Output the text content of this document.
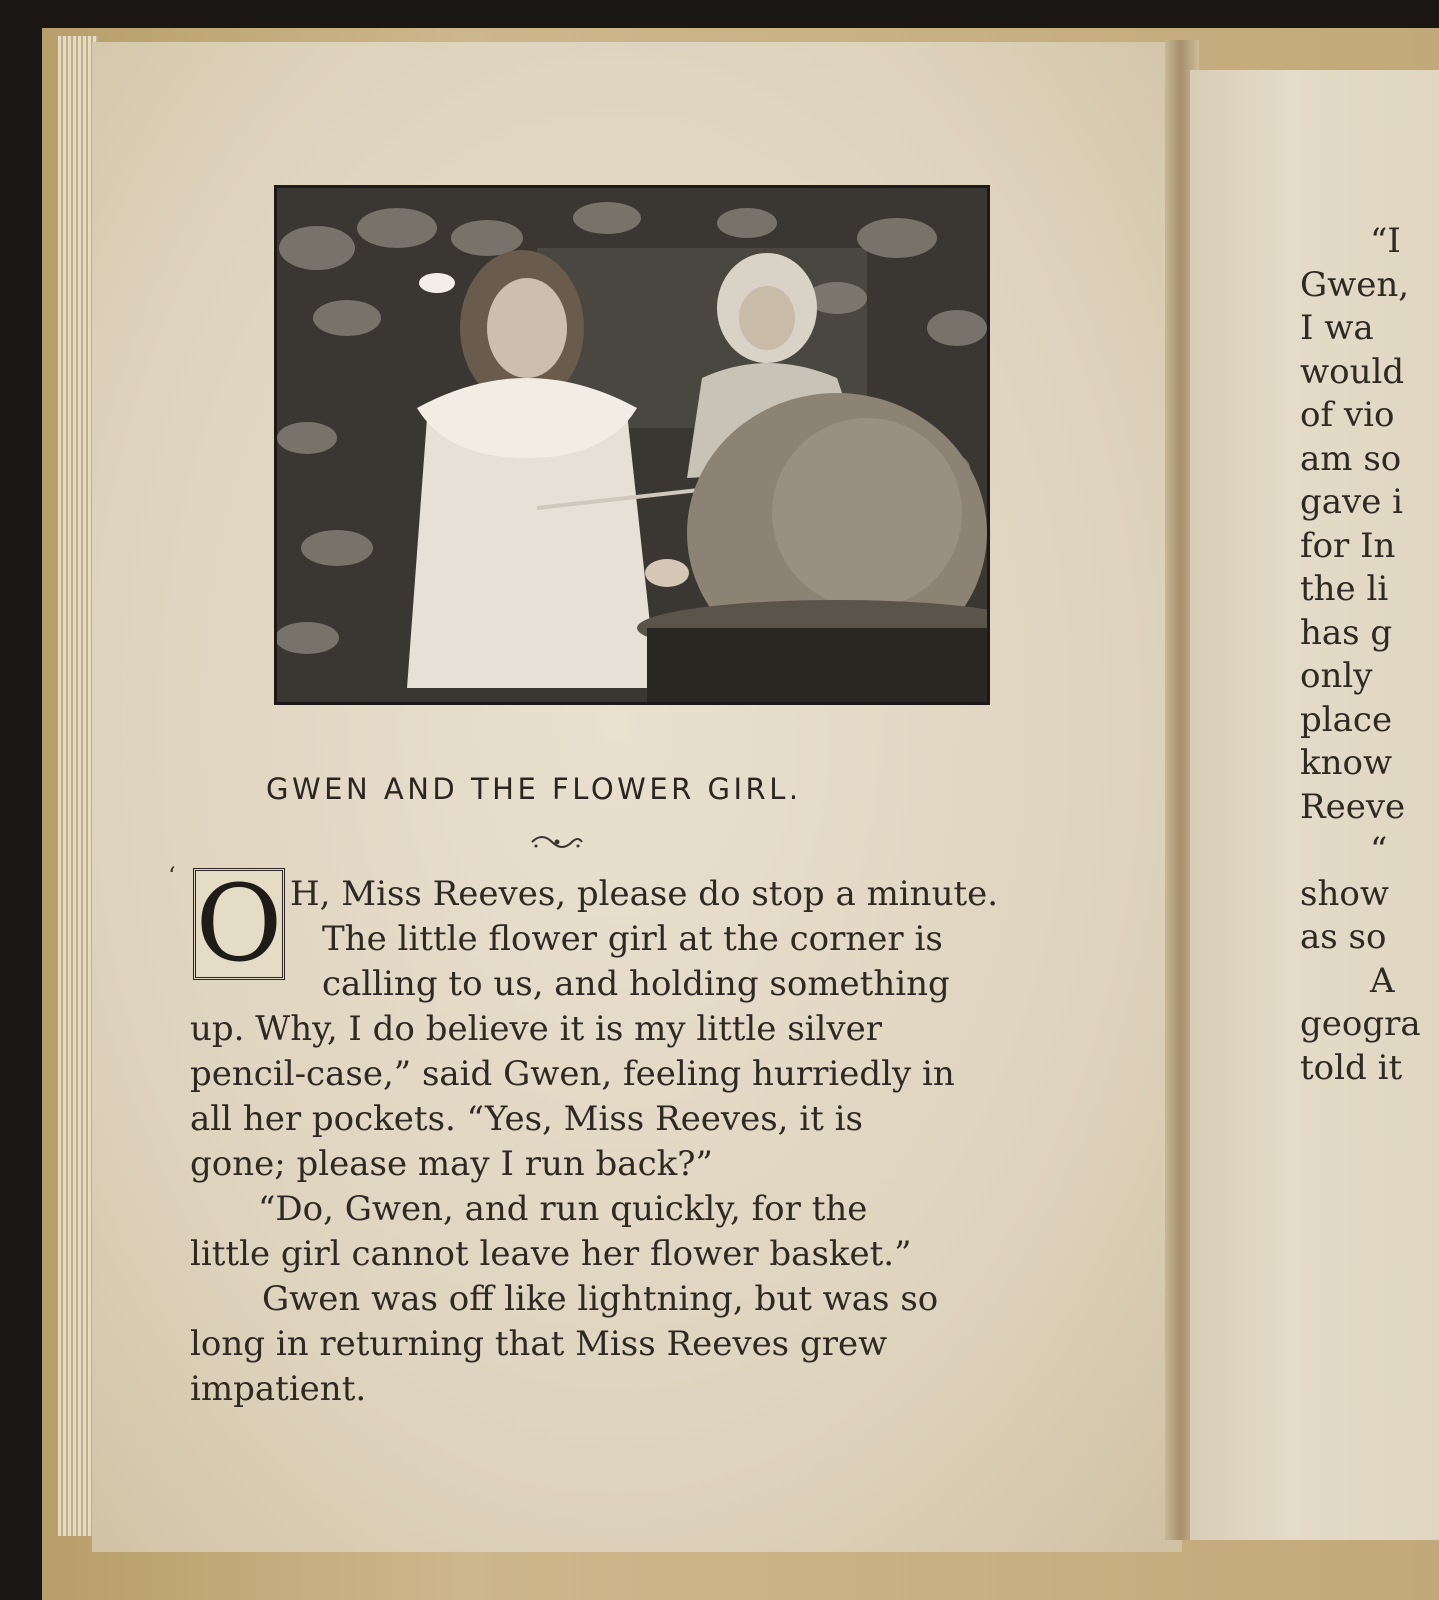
GWEN AND THE FLOWER GIRL.
‘ O H, Miss Reeves, please do stop a minute.
The little flower girl at the corner is
calling to us, and holding something
up. Why, I do believe it is my little silver
pencil-case,” said Gwen, feeling hurriedly in
all her pockets. “Yes, Miss Reeves, it is
gone; please may I run back?”
“Do, Gwen, and run quickly, for the
little girl cannot leave her flower basket.”
Gwen was off like lightning, but was so
long in returning that Miss Reeves grew
impatient.
“I
Gwen,
I wa
would
of vio
am so
gave i
for In
the li
has g
only
place
know
Reeve
“
show
as so
A
geogra
told it
